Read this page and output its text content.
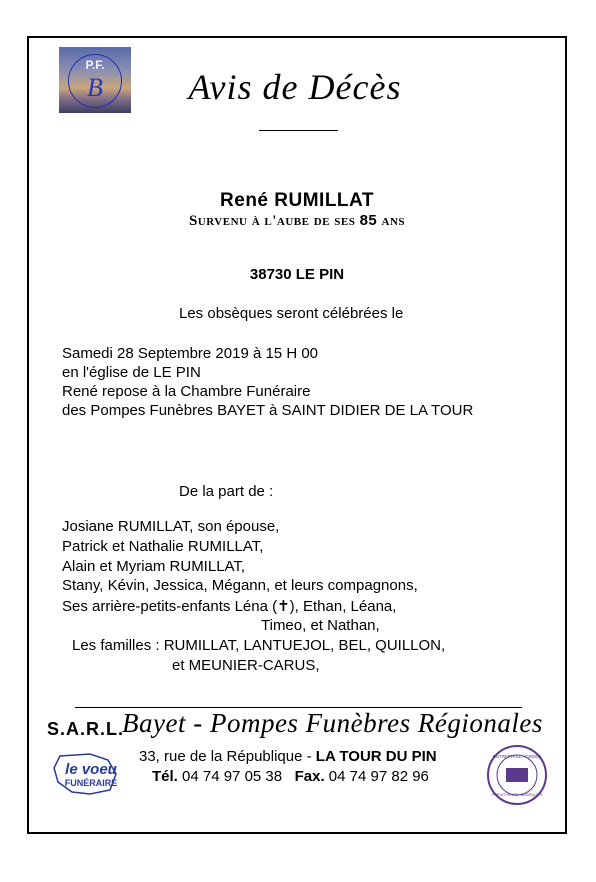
P.F.
B	Avis de Décès
René RUMILLAT
Survenu à l'aube de ses 85 ans
38730 LE PIN
Les obsèques seront célébrées le
Samedi 28 Septembre 2019 à 15 H 00
en l'église de LE PIN
René repose à la Chambre Funéraire
des Pompes Funèbres BAYET à SAINT DIDIER DE LA TOUR
De la part de :
Josiane RUMILLAT, son épouse,
Patrick et Nathalie RUMILLAT,
Alain et Myriam RUMILLAT,
Stany, Kévin, Jessica, Mégann, et leurs compagnons,
Ses arrière-petits-enfants Léna (✝), Ethan, Léana,
Timeo, et Nathan,
Les familles : RUMILLAT, LANTUEJOL, BEL, QUILLON,
et MEUNIER-CARUS,
S.A.R.L.
Bayet - Pompes Funèbres Régionales
33, rue de la République - LA TOUR DU PIN
Tél. 04 74 97 05 38 Fax. 04 74 97 82 96
le voeu
FUNÉRAIRE
ENTREPRISE AGRÉÉE
PRÉVOYANCE OBSÈQUES
